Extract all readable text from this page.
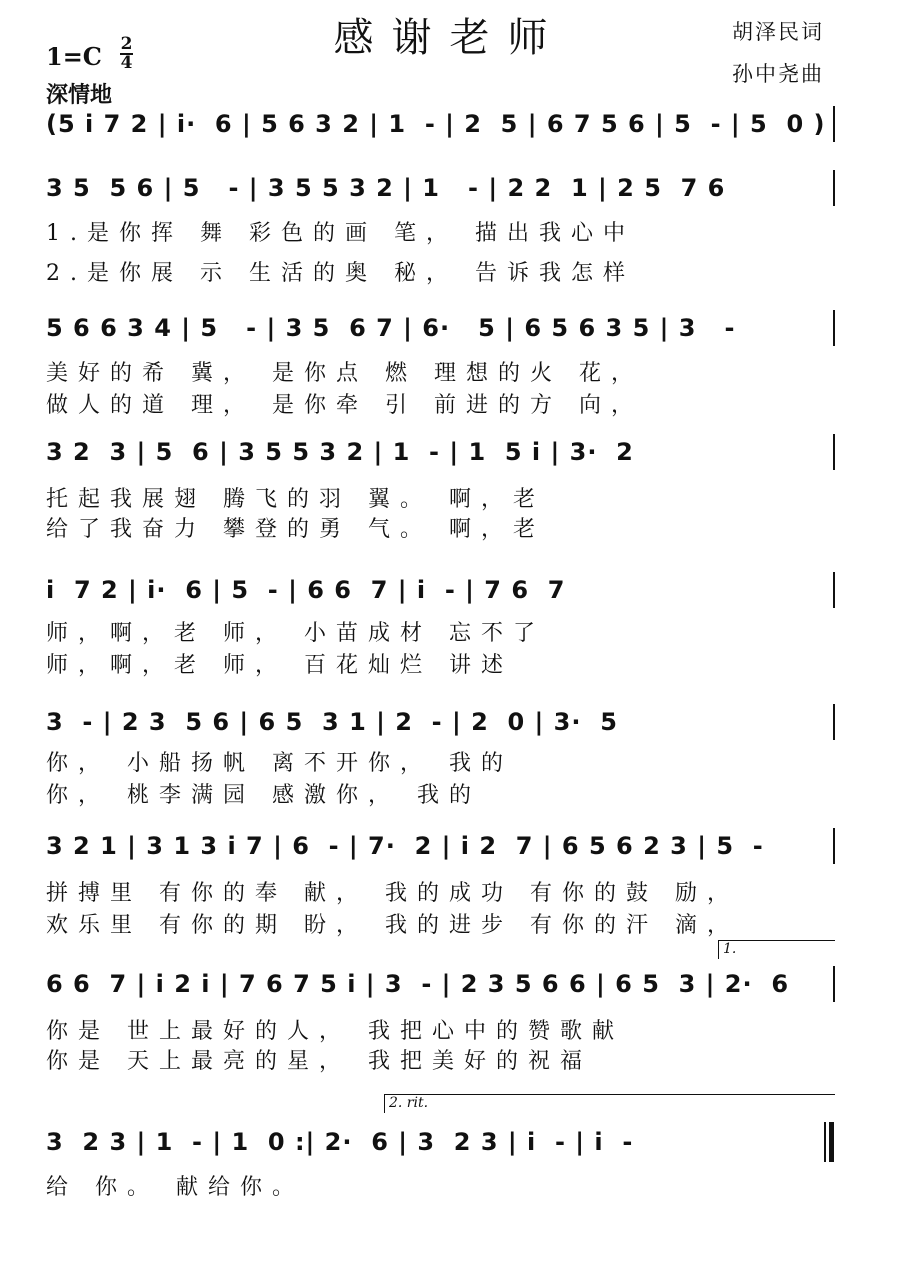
感谢老师	胡泽民词
孙中尧曲
1=C 2
4
深情地
(5 i 7 2 | i·  6 | 5 6 3 2 | 1  - | 2  5 | 6 7 5 6 | 5  - | 5  0 )
3 5  5 6 | 5   - | 3 5 5 3 2 | 1   - | 2 2  1 | 2 5  7 6
1.是你挥 舞 彩色的画 笔， 描出我心中
2.是你展 示 生活的奥 秘， 告诉我怎样
5 6 6 3 4 | 5   - | 3 5  6 7 | 6·   5 | 6 5 6 3 5 | 3   -
美好的希 冀， 是你点 燃 理想的火 花，
做人的道 理， 是你牵 引 前进的方 向，
3 2  3 | 5  6 | 3 5 5 3 2 | 1  - | 1  5 i | 3·  2
托起我展翅 腾飞的羽 翼。 啊，老
给了我奋力 攀登的勇 气。 啊，老
i  7 2 | i·  6 | 5  - | 6 6  7 | i  - | 7 6  7
师，啊，老 师， 小苗成材 忘不了
师，啊，老 师， 百花灿烂 讲述
3  - | 2 3  5 6 | 6 5  3 1 | 2  - | 2  0 | 3·  5
你， 小船扬帆 离不开你， 我的
你， 桃李满园 感激你， 我的
3 2 1 | 3 1 3 i 7 | 6  - | 7·  2 | i 2  7 | 6 5 6 2 3 | 5  -
拼搏里 有你的奉 献， 我的成功 有你的鼓 励，
欢乐里 有你的期 盼， 我的进步 有你的汗 滴，
1.
6 6  7 | i 2 i | 7 6 7 5 i | 3  - | 2 3 5 6 6 | 6 5  3 | 2·  6
你是 世上最好的人， 我把心中的赞歌献
你是 天上最亮的星， 我把美好的祝福
2. rit.
3  2 3 | 1  - | 1  0 :| 2·  6 | 3  2 3 | i  - | i  -
给 你。 献给你。
